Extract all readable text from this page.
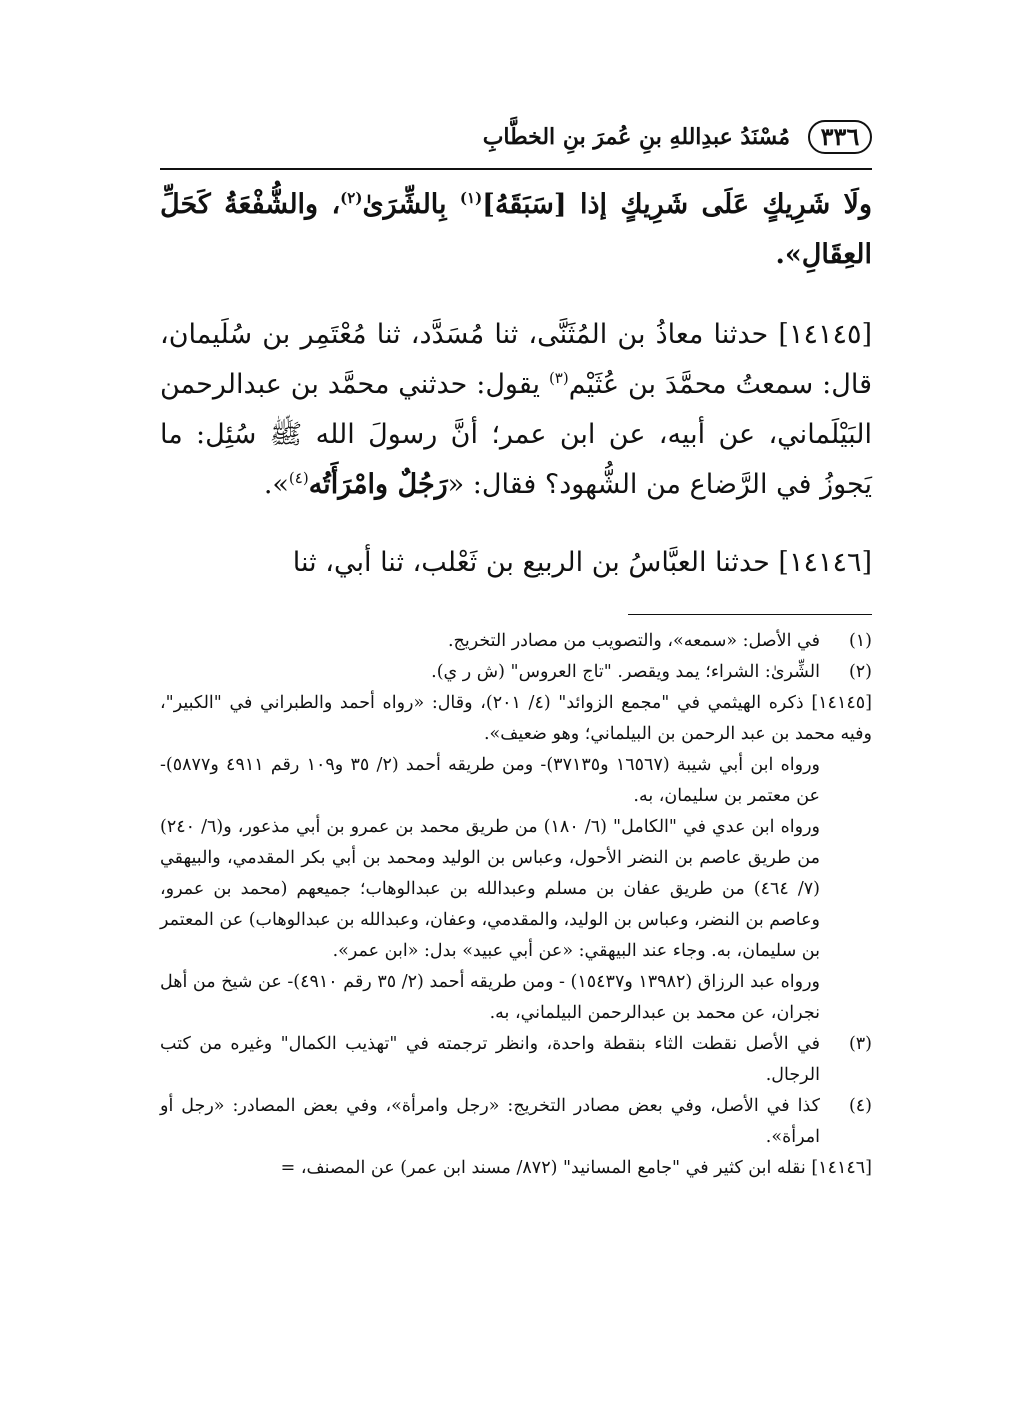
٣٣٦
مُسْنَدُ عبدِاللهِ بنِ عُمرَ بنِ الخطَّابِ

ولَا شَرِيكٍ عَلَى شَرِيكٍ إذا [سَبَقَهُ]$^{(١)}$ بِالشِّرَىٰ$^{(٢)}$، والشُّفْعَةُ كَحَلِّ العِقَالِ».

[١٤١٤٥] حدثنا معاذُ بن المُثَنَّى، ثنا مُسَدَّد، ثنا مُعْتَمِر بن سُلَيمان، قال: سمعتُ محمَّدَ بن عُثَيْم$^{(٣)}$ يقول: حدثني محمَّد بن عبدالرحمن البَيْلَماني، عن أبيه، عن ابن عمر؛ أنَّ رسولَ الله ﷺ سُئِل: ما يَجوزُ في الرَّضاع من الشُّهود؟ فقال: «رَجُلٌ وامْرَأَتُه$^{(٤)}$».

[١٤١٤٦] حدثنا العبَّاسُ بن الربيع بن ثَعْلب، ثنا أبي، ثنا

(١)
في الأصل: «سمعه»، والتصويب من مصادر التخريج.

(٢)
الشِّرىٰ: الشراء؛ يمد ويقصر. "تاج العروس" (ش ر ي).

[١٤١٤٥] ذكره الهيثمي في "مجمع الزوائد" (٤/ ٢٠١)، وقال: «رواه أحمد والطبراني في "الكبير"، وفيه محمد بن عبد الرحمن بن البيلماني؛ وهو ضعيف».
ورواه ابن أبي شيبة (١٦٥٦٧ و٣٧١٣٥)- ومن طريقه أحمد (٢/ ٣٥ و١٠٩ رقم ٤٩١١ و٥٨٧٧)- عن معتمر بن سليمان، به.
ورواه ابن عدي في "الكامل" (٦/ ١٨٠) من طريق محمد بن عمرو بن أبي مذعور، و(٦/ ٢٤٠) من طريق عاصم بن النضر الأحول، وعباس بن الوليد ومحمد بن أبي بكر المقدمي، والبيهقي (٧/ ٤٦٤) من طريق عفان بن مسلم وعبدالله بن عبدالوهاب؛ جميعهم (محمد بن عمرو، وعاصم بن النضر، وعباس بن الوليد، والمقدمي، وعفان، وعبدالله بن عبدالوهاب) عن المعتمر بن سليمان، به. وجاء عند البيهقي: «عن أبي عبيد» بدل: «ابن عمر».
ورواه عبد الرزاق (١٣٩٨٢ و١٥٤٣٧) - ومن طريقه أحمد (٢/ ٣٥ رقم ٤٩١٠)- عن شيخ من أهل نجران، عن محمد بن عبدالرحمن البيلماني، به.

(٣)
في الأصل نقطت الثاء بنقطة واحدة، وانظر ترجمته في "تهذيب الكمال" وغيره من كتب الرجال.

(٤)
كذا في الأصل، وفي بعض مصادر التخريج: «رجل وامرأة»، وفي بعض المصادر: «رجل أو امرأة».

[١٤١٤٦] نقله ابن كثير في "جامع المسانيد" (٨٧٢/ مسند ابن عمر) عن المصنف، =
